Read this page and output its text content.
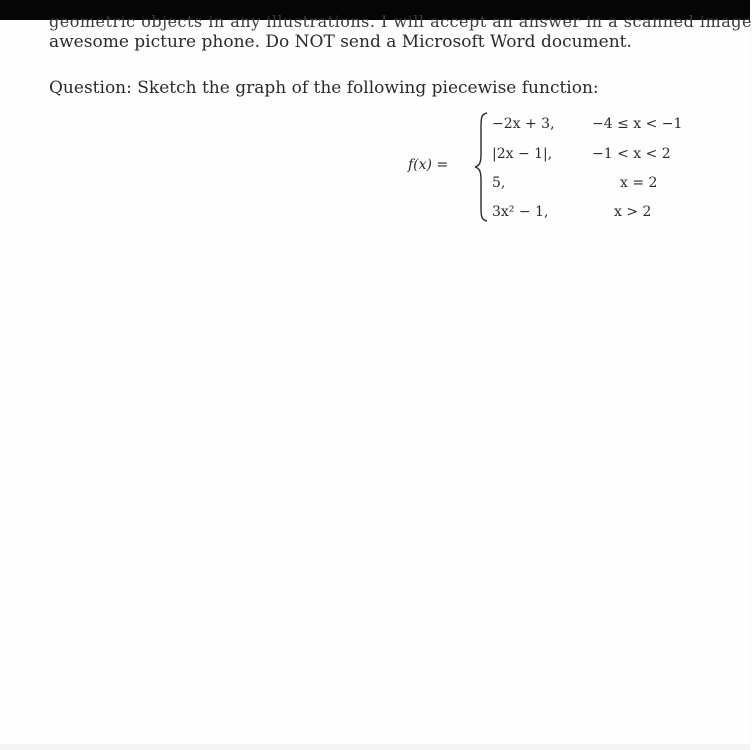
geometric objects in any illustrations. I will accept an answer in a scanned image
awesome picture phone. Do NOT send a Microsoft Word document.
Question: Sketch the graph of the following piecewise function:
f(x) =
−2x + 3,	−4 ≤ x < −1
|2x − 1|,	−1 < x < 2
5,	x = 2
3x² − 1,	x > 2
